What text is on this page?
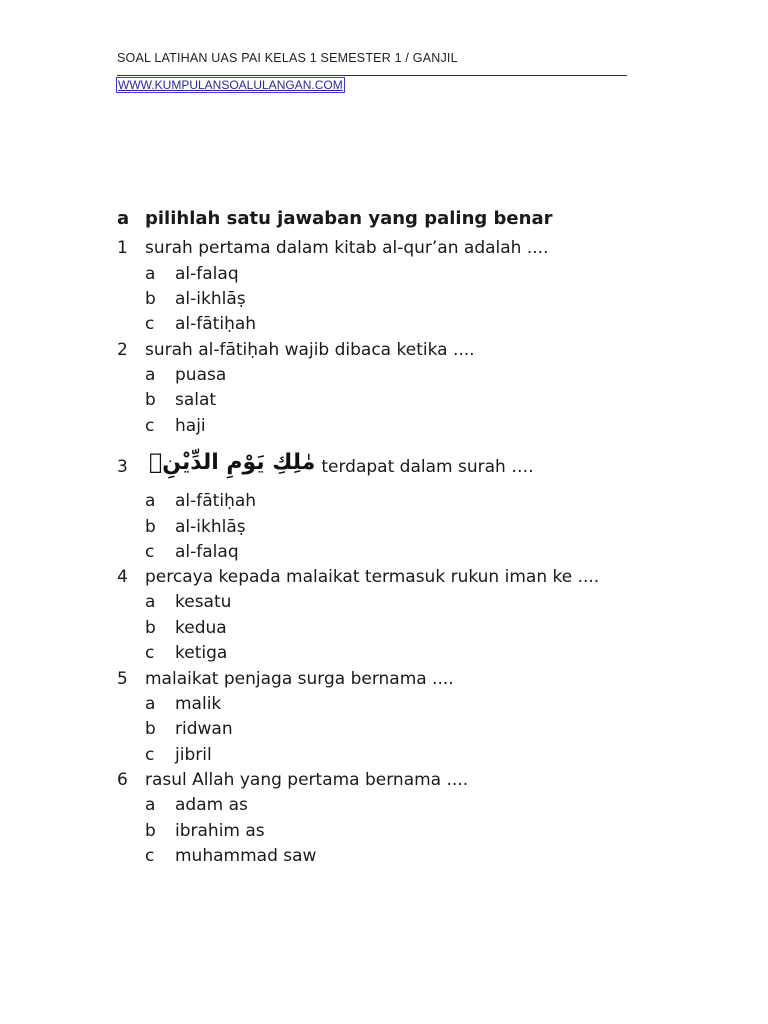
SOAL LATIHAN UAS PAI KELAS 1 SEMESTER 1 / GANJIL
WWW.KUMPULANSOALULANGAN.COM
a pilihlah satu jawaban yang paling benar
1 surah pertama dalam kitab al-qur’an adalah ....
a al-falaq
b al-ikhlāṣ
c al-fātiḥah
2 surah al-fātiḥah wajib dibaca ketika ....
a puasa
b salat
c haji
3 مٰلِكِ يَوْمِ الدِّيْنِۗ terdapat dalam surah ….
a al-fātiḥah
b al-ikhlāṣ
c al-falaq
4 percaya kepada malaikat termasuk rukun iman ke ....
a kesatu
b kedua
c ketiga
5 malaikat penjaga surga bernama ....
a malik
b ridwan
c jibril
6 rasul Allah yang pertama bernama ....
a adam as
b ibrahim as
c muhammad saw
